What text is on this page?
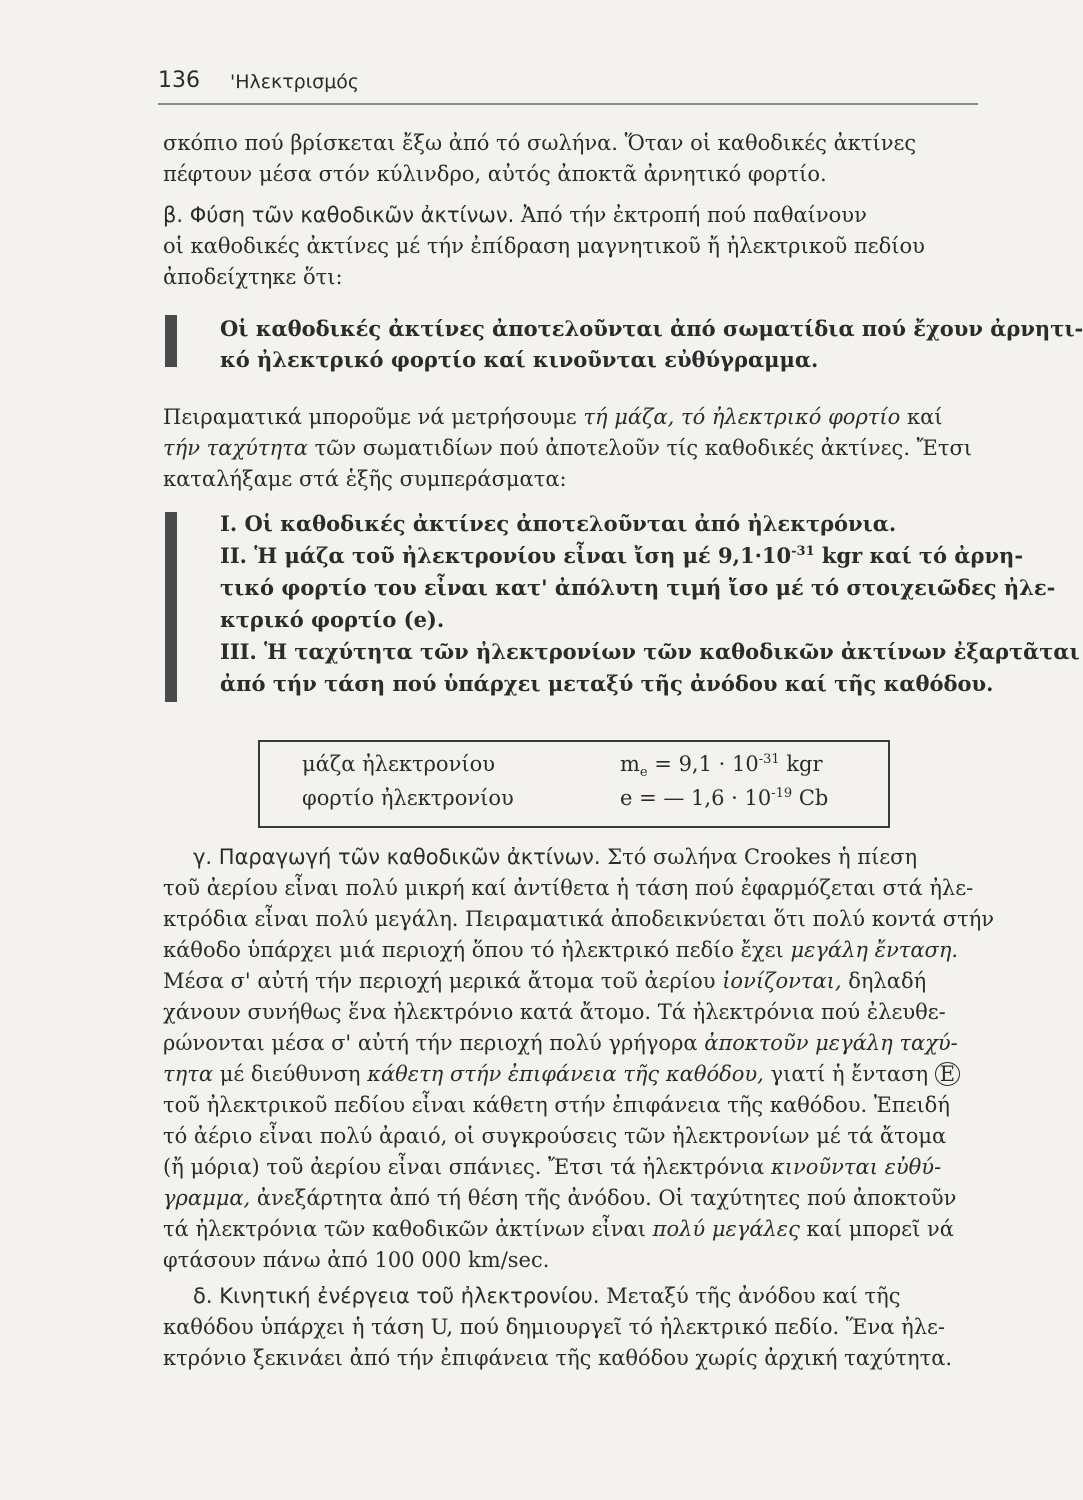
136 'Ηλεκτρισμός
σκόπιο πού βρίσκεται ἔξω ἀπό τό σωλήνα. Ὅταν οἱ καθοδικές ἀκτίνες
πέφτουν μέσα στόν κύλινδρο, αὐτός ἀποκτᾶ ἀρνητικό φορτίο.
β. Φύση τῶν καθοδικῶν ἀκτίνων. Ἀπό τήν ἐκτροπή πού παθαίνουν
οἱ καθοδικές ἀκτίνες μέ τήν ἐπίδραση μαγνητικοῦ ἤ ἠλεκτρικοῦ πεδίου
ἀποδείχτηκε ὅτι:
Οἱ καθοδικές ἀκτίνες ἀποτελοῦνται ἀπό σωματίδια πού ἔχουν ἀρνητι-
κό ἠλεκτρικό φορτίο καί κινοῦνται εὐθύγραμμα.
Πειραματικά μποροῦμε νά μετρήσουμε τή μάζα, τό ἠλεκτρικό φορτίο καί
τήν ταχύτητα τῶν σωματιδίων πού ἀποτελοῦν τίς καθοδικές ἀκτίνες. Ἔτσι
καταλήξαμε στά ἑξῆς συμπεράσματα:
I. Οἱ καθοδικές ἀκτίνες ἀποτελοῦνται ἀπό ἠλεκτρόνια.
II. Ἡ μάζα τοῦ ἠλεκτρονίου εἶναι ἴση μέ $9,1\cdot 10^{-31}$ kgr καί τό ἀρνη-
τικό φορτίο του εἶναι κατ' ἀπόλυτη τιμή ἴσο μέ τό στοιχειῶδες ἠλε-
κτρικό φορτίο (e).
III. Ἡ ταχύτητα τῶν ἠλεκτρονίων τῶν καθοδικῶν ἀκτίνων ἐξαρτᾶται
ἀπό τήν τάση πού ὑπάρχει μεταξύ τῆς ἀνόδου καί τῆς καθόδου.
μάζα ἠλεκτρονίου	$m_e = 9,1 \cdot 10^{-31}$ kgr
φορτίο ἠλεκτρονίου	e = — $1,6 \cdot 10^{-19}$ Cb
γ. Παραγωγή τῶν καθοδικῶν ἀκτίνων. Στό σωλήνα Crookes ἡ πίεση
τοῦ ἀερίου εἶναι πολύ μικρή καί ἀντίθετα ἡ τάση πού ἐφαρμόζεται στά ἠλε-
κτρόδια εἶναι πολύ μεγάλη. Πειραματικά ἀποδεικνύεται ὅτι πολύ κοντά στήν
κάθοδο ὑπάρχει μιά περιοχή ὅπου τό ἠλεκτρικό πεδίο ἔχει μεγάλη ἔνταση.
Μέσα σ' αὐτή τήν περιοχή μερικά ἄτομα τοῦ ἀερίου ἰονίζονται, δηλαδή
χάνουν συνήθως ἕνα ἠλεκτρόνιο κατά ἄτομο. Τά ἠλεκτρόνια πού ἐλευθε-
ρώνονται μέσα σ' αὐτή τήν περιοχή πολύ γρήγορα ἀποκτοῦν μεγάλη ταχύ-
τητα μέ διεύθυνση κάθετη στήν ἐπιφάνεια τῆς καθόδου, γιατί ἡ ἔνταση E
τοῦ ἠλεκτρικοῦ πεδίου εἶναι κάθετη στήν ἐπιφάνεια τῆς καθόδου. Ἐπειδή
τό ἀέριο εἶναι πολύ ἀραιό, οἱ συγκρούσεις τῶν ἠλεκτρονίων μέ τά ἄτομα
(ἤ μόρια) τοῦ ἀερίου εἶναι σπάνιες. Ἔτσι τά ἠλεκτρόνια κινοῦνται εὐθύ-
γραμμα, ἀνεξάρτητα ἀπό τή θέση τῆς ἀνόδου. Οἱ ταχύτητες πού ἀποκτοῦν
τά ἠλεκτρόνια τῶν καθοδικῶν ἀκτίνων εἶναι πολύ μεγάλες καί μπορεῖ νά
φτάσουν πάνω ἀπό 100 000 km/sec.
δ. Κινητική ἐνέργεια τοῦ ἠλεκτρονίου. Μεταξύ τῆς ἀνόδου καί τῆς
καθόδου ὑπάρχει ἡ τάση U, πού δημιουργεῖ τό ἠλεκτρικό πεδίο. Ἕνα ἠλε-
κτρόνιο ξεκινάει ἀπό τήν ἐπιφάνεια τῆς καθόδου χωρίς ἀρχική ταχύτητα.
